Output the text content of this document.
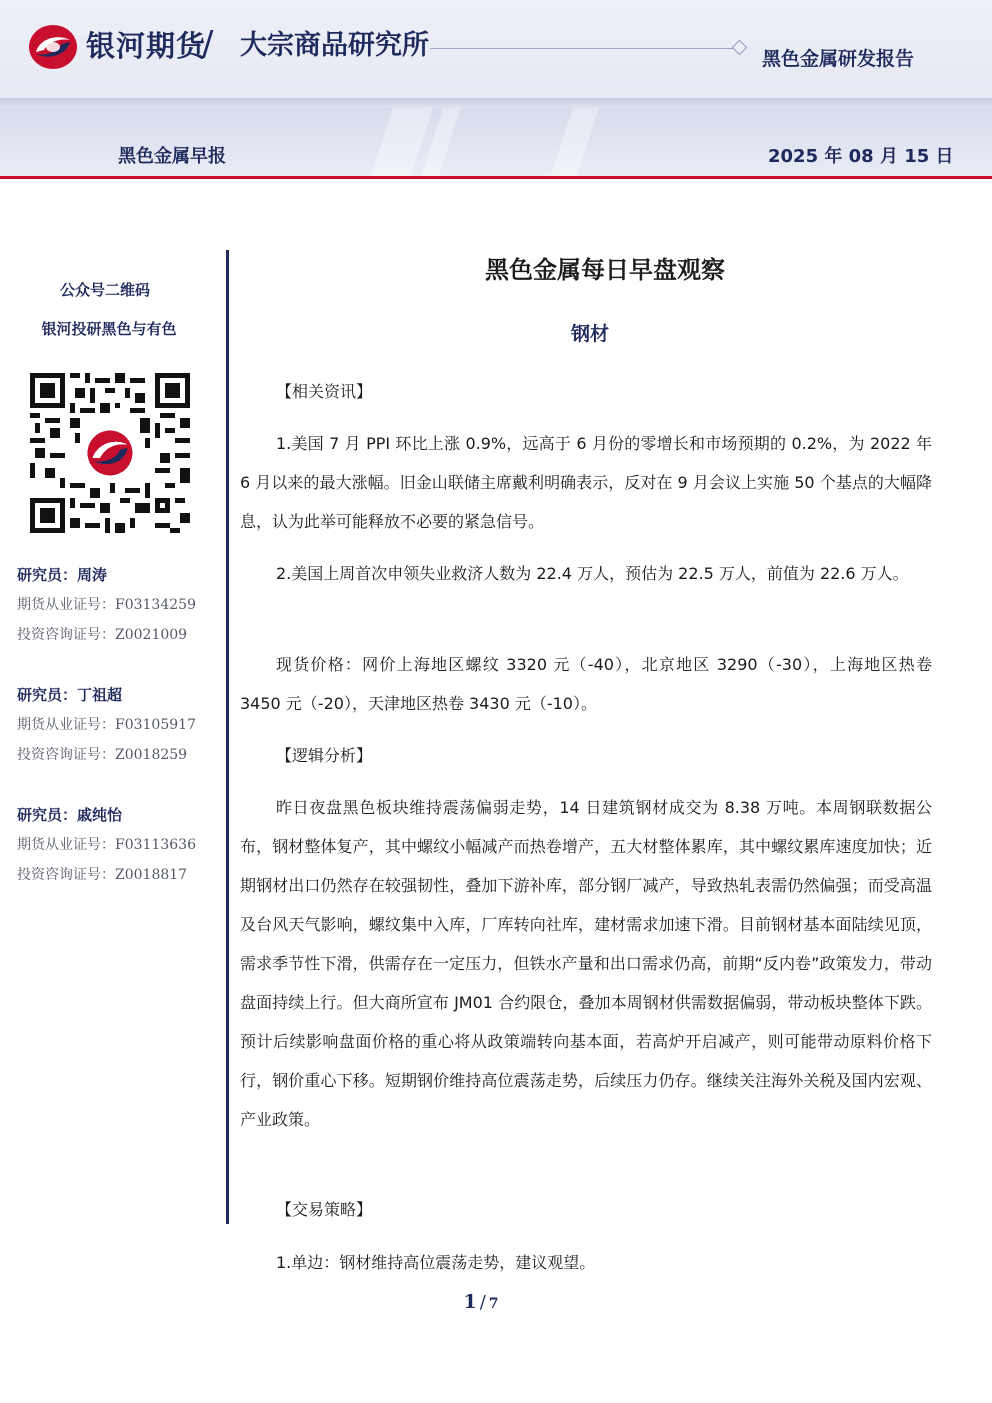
银河期货
/ 大宗商品研究所	黑色金属研发报告
黑色金属早报	2025 年 08 月 15 日
公众号二维码
银河投研黑色与有色
研究员：周涛
期货从业证号：F03134259
投资咨询证号：Z0021009
研究员：丁祖超
期货从业证号：F03105917
投资咨询证号：Z0018259
研究员：戚纯怡
期货从业证号：F03113636
投资咨询证号：Z0018817
黑色金属每日早盘观察
钢材
【相关资讯】
1.美国 7 月 PPI 环比上涨 0.9%，远高于 6 月份的零增长和市场预期的 0.2%，为 2022 年 6 月以来的最大涨幅。旧金山联储主席戴利明确表示，反对在 9 月会议上实施 50 个基点的大幅降息，认为此举可能释放不必要的紧急信号。
2.美国上周首次申领失业救济人数为 22.4 万人，预估为 22.5 万人，前值为 22.6 万人。
现货价格：网价上海地区螺纹 3320 元（-40），北京地区 3290（-30），上海地区热卷 3450 元（-20），天津地区热卷 3430 元（-10）。
【逻辑分析】
昨日夜盘黑色板块维持震荡偏弱走势，14 日建筑钢材成交为 8.38 万吨。本周钢联数据公布，钢材整体复产，其中螺纹小幅减产而热卷增产，五大材整体累库，其中螺纹累库速度加快；近期钢材出口仍然存在较强韧性，叠加下游补库，部分钢厂减产，导致热轧表需仍然偏强；而受高温及台风天气影响，螺纹集中入库，厂库转向社库，建材需求加速下滑。目前钢材基本面陆续见顶，需求季节性下滑，供需存在一定压力，但铁水产量和出口需求仍高，前期“反内卷”政策发力，带动盘面持续上行。但大商所宣布 JM01 合约限仓，叠加本周钢材供需数据偏弱，带动板块整体下跌。预计后续影响盘面价格的重心将从政策端转向基本面，若高炉开启减产，则可能带动原料价格下行，钢价重心下移。短期钢价维持高位震荡走势，后续压力仍存。继续关注海外关税及国内宏观、产业政策。
【交易策略】
1.单边：钢材维持高位震荡走势，建议观望。
1 / 7
